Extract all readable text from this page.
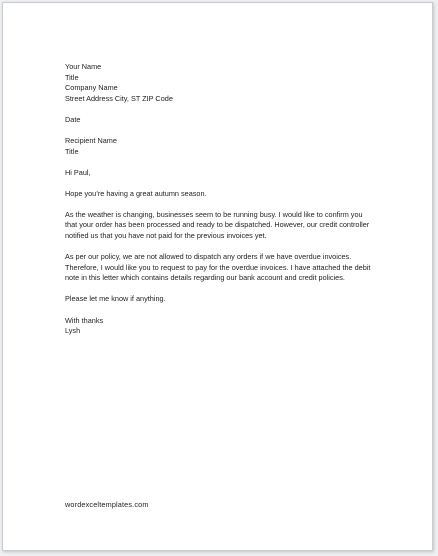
Your Name
Title
Company Name
Street Address City, ST ZIP Code
Date
Recipient Name
Title
Hi Paul,
Hope you’re having a great autumn season.
As the weather is changing, businesses seem to be running busy. I would like to confirm you
that your order has been processed and ready to be dispatched. However, our credit controller
notified us that you have not paid for the previous invoices yet.
As per our policy, we are not allowed to dispatch any orders if we have overdue invoices.
Therefore, I would like you to request to pay for the overdue invoices. I have attached the debit
note in this letter which contains details regarding our bank account and credit policies.
Please let me know if anything.
With thanks
Lysh
wordexceltemplates.com
